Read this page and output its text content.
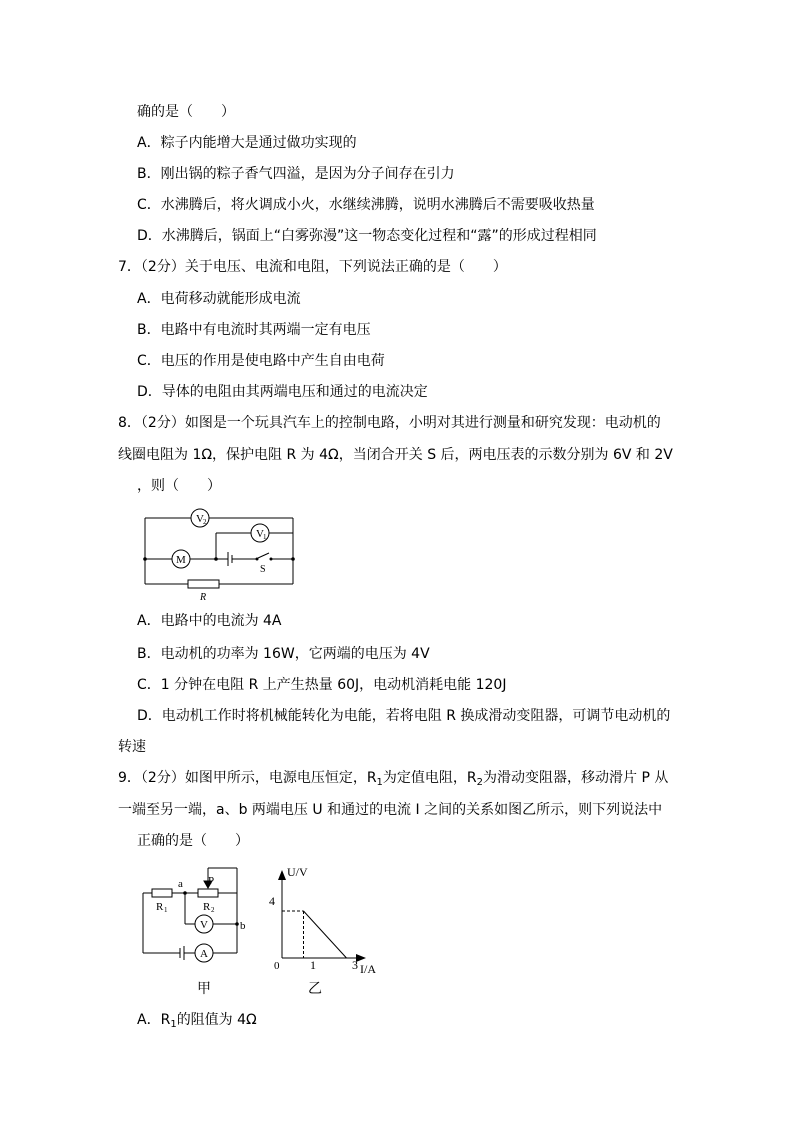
确的是（　　）
A．粽子内能增大是通过做功实现的
B．刚出锅的粽子香气四溢，是因为分子间存在引力
C．水沸腾后，将火调成小火，水继续沸腾，说明水沸腾后不需要吸收热量
D．水沸腾后，锅面上“白雾弥漫”这一物态变化过程和“露”的形成过程相同
7．（2分）关于电压、电流和电阻，下列说法正确的是（　　）
A．电荷移动就能形成电流
B．电路中有电流时其两端一定有电压
C．电压的作用是使电路中产生自由电荷
D．导体的电阻由其两端电压和通过的电流决定
8．（2分）如图是一个玩具汽车上的控制电路，小明对其进行测量和研究发现：电动机的
线圈电阻为 1Ω，保护电阻 R 为 4Ω，当闭合开关 S 后，两电压表的示数分别为 6V 和 2V
，则（　　）
V 2
V 1
M
S
R
A．电路中的电流为 4A
B．电动机的功率为 16W，它两端的电压为 4V
C．1 分钟在电阻 R 上产生热量 60J，电动机消耗电能 120J
D．电动机工作时将机械能转化为电能，若将电阻 R 换成滑动变阻器，可调节电动机的
转速
9．（2分）如图甲所示，电源电压恒定，$R_1$为定值电阻，$R_2$为滑动变阻器，移动滑片 P 从
一端至另一端，a、b 两端电压 U 和通过的电流 I 之间的关系如图乙所示，则下列说法中
正确的是（　　）
P
a
b
R 1	R 2
V
A
甲
U/V
I/A
0
4
1	3
乙
A．$R_1$的阻值为 4Ω
